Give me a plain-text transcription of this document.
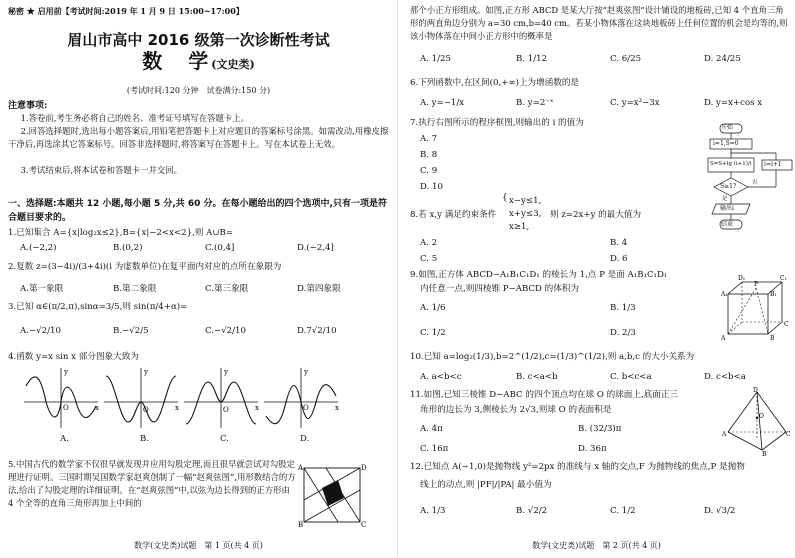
秘密 ★ 启用前【考试时间:2019 年 1 月 9 日 15:00~17:00】
眉山市高中 2016 级第一次诊断性考试
数　学(文史类)
(考试时间:120 分钟　试卷满分:150 分)
注意事项:
1.答卷前,考生务必将自己的姓名、准考证号填写在答题卡上。
2.回答选择题时,选出每小题答案后,用铅笔把答题卡上对应题目的答案标号涂黑。如需改动,用橡皮擦干净后,再选涂其它答案标号。回答非选择题时,将答案写在答题卡上。写在本试卷上无效。
3.考试结束后,将本试卷和答题卡一并交回。
一、选择题:本题共 12 小题,每小题 5 分,共 60 分。在每小题给出的四个选项中,只有一项是符合题目要求的。
1.已知集合 A={x|log₂x≤2},B={x|−2<x<2},则 A∪B=
A.(−2,2)	B.(0,2)	C.(0,4]	D.(−2,4]
2.复数 z=(3−4i)/(3+4i)(i 为虚数单位)在复平面内对应的点所在象限为
A.第一象限	B.第二象限	C.第三象限	D.第四象限
3.已知 α∈(π/2,π),sinα=3/5,则 sin(π/4+α)=
A.−√2/10	B.−√2/5	C.−√2/10	D.7√2/10
4.函数 y=x sin x 部分图象大致为
O	x
y
O	x
y
O	x
y
O	x
y
A.	B.	C.	D.
5.中国古代的数学家不仅很早就发现并应用勾股定理,而且很早就尝试对勾股定理进行证明。三国时期吴国数学家赵爽创制了一幅“赵爽弦图”,用形数结合的方法,给出了勾股定理的详细证明。在“赵爽弦图”中,以弦为边长得到的正方形由 4 个全等的直角三角形再加上中间的
A
B	C
D
数学(文史类)试题　第 1 页(共 4 页)
那个小正方形组成。如图,正方形 ABCD 是某大厅按“赵爽弦图”设计铺设的地板砖,已知 4 个直角三角形的两直角边分别为 a=30 cm,b=40 cm。若某小物体落在这块地板砖上任何位置的机会是均等的,则该小物体落在中间小正方形中的概率是
A. 1/25	B. 1/12	C. 6/25	D. 24/25
6.下列函数中,在区间(0,+∞)上为增函数的是
A. y=−1/x	B. y=2⁻ˣ	C. y=x³−3x	D. y=x+cos x
7.执行右图所示的程序框图,则输出的 i 的值为
A. 7
B. 8
C. 9
D. 10
开始
i=1,S=0
S=S+lg (i+1)/i
S≥1?	否
是
输出i
结束
i=i+1
8.若 x,y 满足约束条件
{ x−y≤1,
x+y≤3,
x≥1,
则 z=2x+y 的最大值为
A. 2	B. 4
C. 5	D. 6
9.如图,正方体 ABCD−A₁B₁C₁D₁ 的棱长为 1,点 P 是面 A₁B₁C₁D₁
内任意一点,则四棱锥 P−ABCD 的体积为
A. 1/6	B. 1/3
C. 1/2	D. 2/3
D₁	C₁
A₁	B₁
A	B
C
P
10.已知 a=log₂(1/3),b=2^(1/2),c=(1/3)^(1/2),则 a,b,c 的大小关系为
A. a<b<c	B. c<a<b	C. b<c<a	D. c<b<a
11.如图,已知三棱锥 D−ABC 的四个顶点均在球 O 的球面上,底面正三
角形的边长为 3,侧棱长为 2√3,则球 O 的表面积是
A. 4π	B. (32/3)π
C. 16π	D. 36π
D
A	C
B
O
12.已知点 A(−1,0)是抛物线 y²=2px 的准线与 x 轴的交点,F 为抛物线的焦点,P 是抛物
线上的动点,则 |PF|/|PA| 最小值为
A. 1/3	B. √2/2	C. 1/2	D. √3/2
数学(文史类)试题　第 2 页(共 4 页)
